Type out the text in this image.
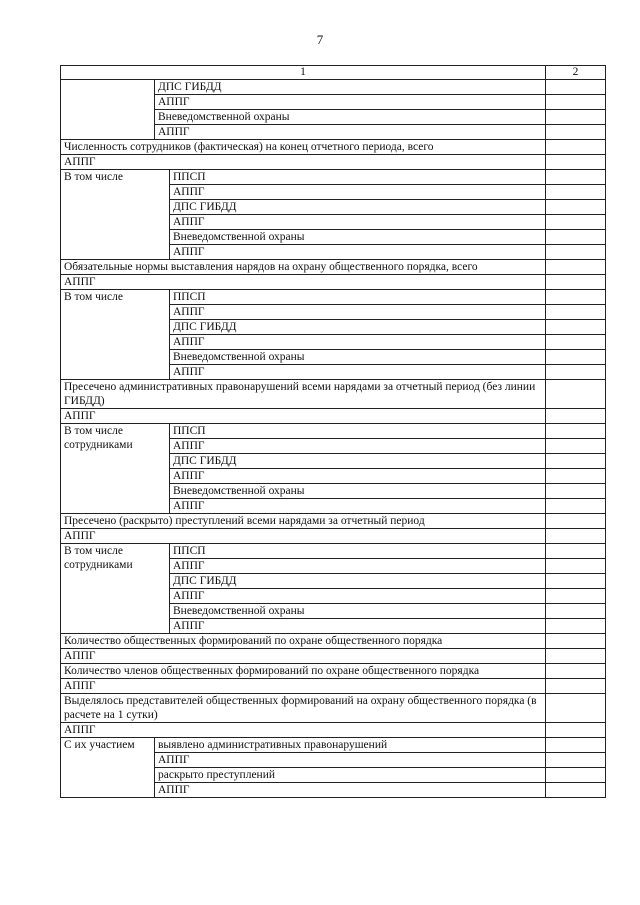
7
1			2
	ДПС ГИБДД		
	АППГ		
	Вневедомственной охраны		
	АППГ		
Численность сотрудников (фактическая) на конец отчетного периода, всего			
АППГ			
В том числе		ППСП	
		АППГ	
		ДПС ГИБДД	
		АППГ	
		Вневедомственной охраны	
		АППГ	
Обязательные нормы выставления нарядов на охрану общественного порядка, всего			
АППГ			
В том числе		ППСП	
		АППГ	
		ДПС ГИБДД	
		АППГ	
		Вневедомственной охраны	
		АППГ	
Пресечено административных правонарушений всеми нарядами за отчетный период (без линии ГИБДД)			
АППГ			
В том числе сотрудниками		ППСП	
		АППГ	
		ДПС ГИБДД	
		АППГ	
		Вневедомственной охраны	
		АППГ	
Пресечено (раскрыто) преступлений всеми нарядами за отчетный период			
АППГ			
В том числе сотрудниками		ППСП	
		АППГ	
		ДПС ГИБДД	
		АППГ	
		Вневедомственной охраны	
		АППГ	
Количество общественных формирований по охране общественного порядка			
АППГ			
Количество членов общественных формирований по охране общественного порядка			
АППГ			
Выделялось представителей общественных формирований на охрану общественного порядка (в расчете на 1 сутки)			
АППГ			
С их участием	выявлено административных правонарушений		
	АППГ		
	раскрыто преступлений		
	АППГ		
